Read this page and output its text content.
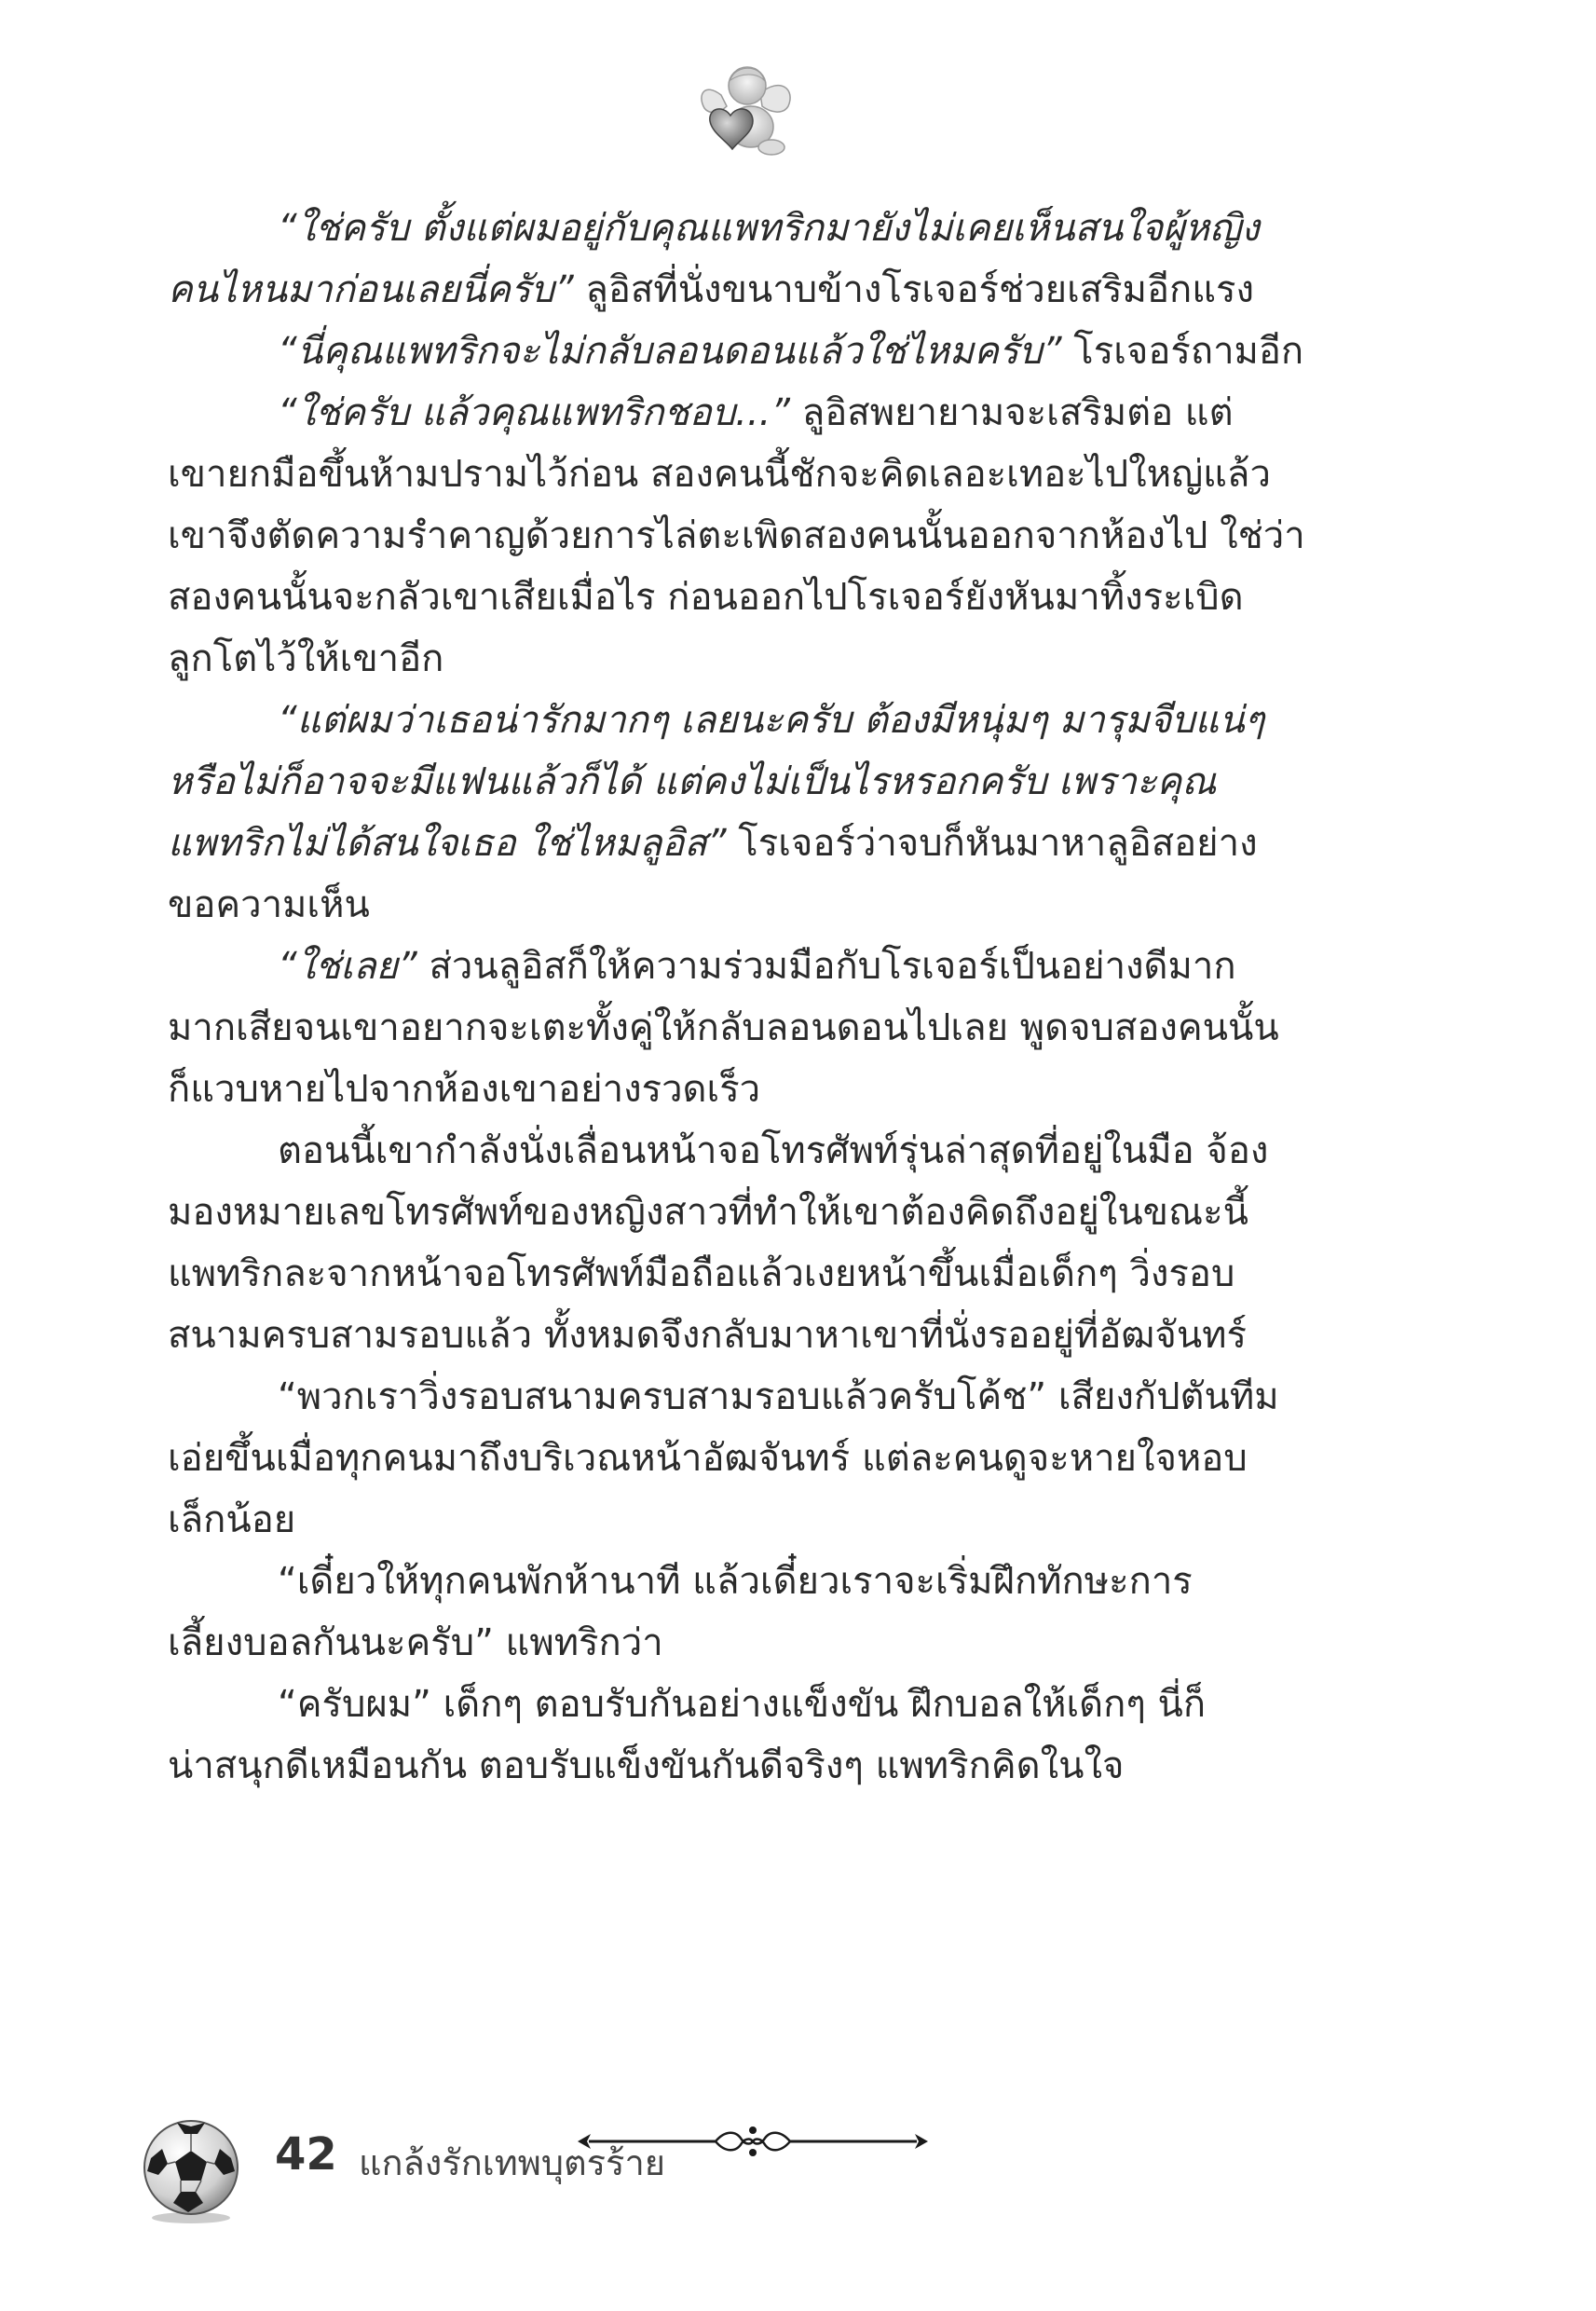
“ใช่ครับ ตั้งแต่ผมอยู่กับคุณแพทริกมายังไม่เคยเห็นสนใจผู้หญิง
คนไหนมาก่อนเลยนี่ครับ” ลูอิสที่นั่งขนาบข้างโรเจอร์ช่วยเสริมอีกแรง
“นี่คุณแพทริกจะไม่กลับลอนดอนแล้วใช่ไหมครับ” โรเจอร์ถามอีก
“ใช่ครับ แล้วคุณแพทริกชอบ...” ลูอิสพยายามจะเสริมต่อ แต่
เขายกมือขึ้นห้ามปรามไว้ก่อน สองคนนี้ชักจะคิดเลอะเทอะไปใหญ่แล้ว
เขาจึงตัดความรำคาญด้วยการไล่ตะเพิดสองคนนั้นออกจากห้องไป ใช่ว่า
สองคนนั้นจะกลัวเขาเสียเมื่อไร ก่อนออกไปโรเจอร์ยังหันมาทิ้งระเบิด
ลูกโตไว้ให้เขาอีก
“แต่ผมว่าเธอน่ารักมากๆ เลยนะครับ ต้องมีหนุ่มๆ มารุมจีบแน่ๆ
หรือไม่ก็อาจจะมีแฟนแล้วก็ได้ แต่คงไม่เป็นไรหรอกครับ เพราะคุณ
แพทริกไม่ได้สนใจเธอ ใช่ไหมลูอิส” โรเจอร์ว่าจบก็หันมาหาลูอิสอย่าง
ขอความเห็น
“ใช่เลย” ส่วนลูอิสก็ให้ความร่วมมือกับโรเจอร์เป็นอย่างดีมาก
มากเสียจนเขาอยากจะเตะทั้งคู่ให้กลับลอนดอนไปเลย พูดจบสองคนนั้น
ก็แวบหายไปจากห้องเขาอย่างรวดเร็ว
ตอนนี้เขากำลังนั่งเลื่อนหน้าจอโทรศัพท์รุ่นล่าสุดที่อยู่ในมือ จ้อง
มองหมายเลขโทรศัพท์ของหญิงสาวที่ทำให้เขาต้องคิดถึงอยู่ในขณะนี้
แพทริกละจากหน้าจอโทรศัพท์มือถือแล้วเงยหน้าขึ้นเมื่อเด็กๆ วิ่งรอบ
สนามครบสามรอบแล้ว ทั้งหมดจึงกลับมาหาเขาที่นั่งรออยู่ที่อัฒจันทร์
“พวกเราวิ่งรอบสนามครบสามรอบแล้วครับโค้ช” เสียงกัปตันทีม
เอ่ยขึ้นเมื่อทุกคนมาถึงบริเวณหน้าอัฒจันทร์ แต่ละคนดูจะหายใจหอบ
เล็กน้อย
“เดี๋ยวให้ทุกคนพักห้านาที แล้วเดี๋ยวเราจะเริ่มฝึกทักษะการ
เลี้ยงบอลกันนะครับ” แพทริกว่า
“ครับผม” เด็กๆ ตอบรับกันอย่างแข็งขัน ฝึกบอลให้เด็กๆ นี่ก็
น่าสนุกดีเหมือนกัน ตอบรับแข็งขันกันดีจริงๆ แพทริกคิดในใจ
42 แกล้งรักเทพบุตรร้าย
